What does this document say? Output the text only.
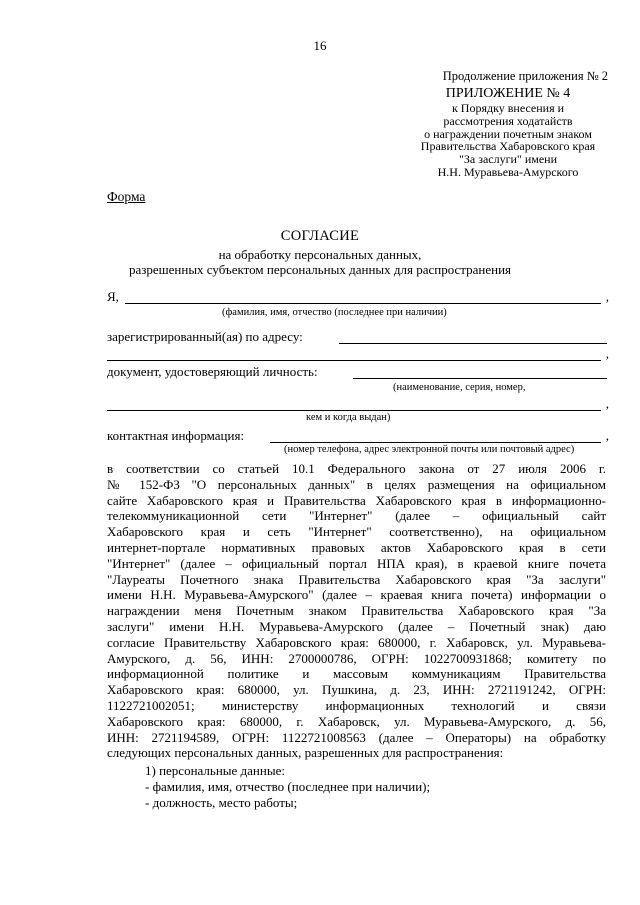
16
Продолжение приложения № 2
ПРИЛОЖЕНИЕ № 4
к Порядку внесения и
рассмотрения ходатайств
о награждении почетным знаком
Правительства Хабаровского края
"За заслуги" имени
Н.Н. Муравьева-Амурского
Форма
СОГЛАСИЕ
на обработку персональных данных,
разрешенных субъектом персональных данных для распространения
Я,	,
(фамилия, имя, отчество (последнее при наличии)
зарегистрированный(ая) по адресу:
,
документ, удостоверяющий личность:
(наименование, серия, номер,
,
кем и когда выдан)
контактная информация:	,
(номер телефона, адрес электронной почты или почтовый адрес)
в соответствии со статьей 10.1 Федерального закона от 27 июля 2006 г.
№ 152-ФЗ "О персональных данных" в целях размещения на официальном
сайте Хабаровского края и Правительства Хабаровского края в информационно-
телекоммуникационной сети "Интернет" (далее – официальный сайт
Хабаровского края и сеть "Интернет" соответственно), на официальном
интернет-портале нормативных правовых актов Хабаровского края в сети
"Интернет" (далее – официальный портал НПА края), в краевой книге почета
"Лауреаты Почетного знака Правительства Хабаровского края "За заслуги"
имени Н.Н. Муравьева-Амурского" (далее – краевая книга почета) информации о
награждении меня Почетным знаком Правительства Хабаровского края "За
заслуги" имени Н.Н. Муравьева-Амурского (далее – Почетный знак) даю
согласие Правительству Хабаровского края: 680000, г. Хабаровск, ул. Муравьева-
Амурского, д. 56, ИНН: 2700000786, ОГРН: 1022700931868; комитету по
информационной политике и массовым коммуникациям Правительства
Хабаровского края: 680000, ул. Пушкина, д. 23, ИНН: 2721191242, ОГРН:
1122721002051; министерству информационных технологий и связи
Хабаровского края: 680000, г. Хабаровск, ул. Муравьева-Амурского, д. 56,
ИНН: 2721194589, ОГРН: 1122721008563 (далее – Операторы) на обработку
следующих персональных данных, разрешенных для распространения:
1) персональные данные:
- фамилия, имя, отчество (последнее при наличии);
- должность, место работы;
